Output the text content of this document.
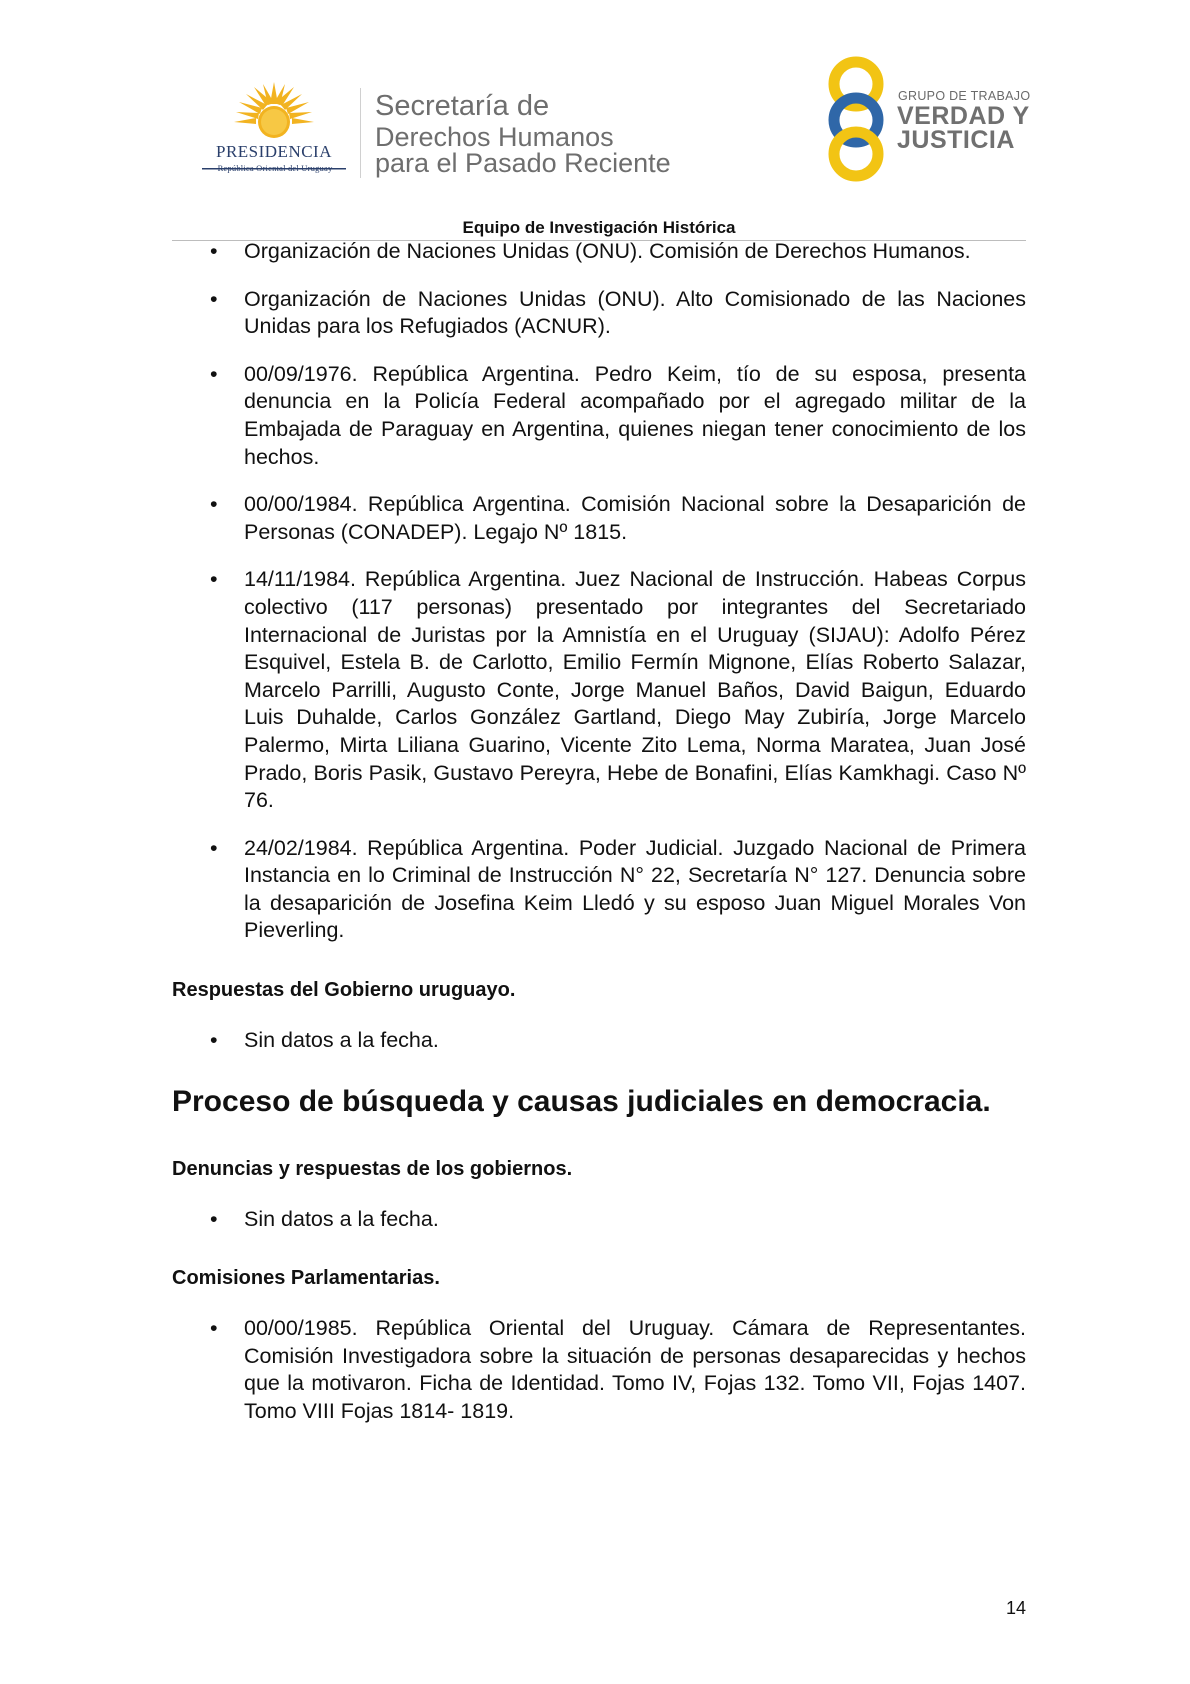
PRESIDENCIA
República Oriental del Uruguay
Secretaría de
Derechos Humanos
para el Pasado Reciente
GRUPO DE TRABAJO
VERDAD Y
JUSTICIA
Equipo de Investigación Histórica
• Organización de Naciones Unidas (ONU). Comisión de Derechos Humanos.
• Organización de Naciones Unidas (ONU). Alto Comisionado de las Naciones Unidas para los Refugiados (ACNUR).
• 00/09/1976. República Argentina. Pedro Keim, tío de su esposa, presenta denuncia en la Policía Federal acompañado por el agregado militar de la Embajada de Paraguay en Argentina, quienes niegan tener conocimiento de los hechos.
• 00/00/1984. República Argentina. Comisión Nacional sobre la Desaparición de Personas (CONADEP). Legajo Nº 1815.
• 14/11/1984. República Argentina. Juez Nacional de Instrucción. Habeas Corpus colectivo (117 personas) presentado por integrantes del Secretariado Internacional de Juristas por la Amnistía en el Uruguay (SIJAU): Adolfo Pérez Esquivel, Estela B. de Carlotto, Emilio Fermín Mignone, Elías Roberto Salazar, Marcelo Parrilli, Augusto Conte, Jorge Manuel Baños, David Baigun, Eduardo Luis Duhalde, Carlos González Gartland, Diego May Zubiría, Jorge Marcelo Palermo, Mirta Liliana Guarino, Vicente Zito Lema, Norma Maratea, Juan José Prado, Boris Pasik, Gustavo Pereyra, Hebe de Bonafini, Elías Kamkhagi. Caso Nº 76.
• 24/02/1984. República Argentina. Poder Judicial. Juzgado Nacional de Primera Instancia en lo Criminal de Instrucción N° 22, Secretaría N° 127. Denuncia sobre la desaparición de Josefina Keim Lledó y su esposo Juan Miguel Morales Von Pieverling.
Respuestas del Gobierno uruguayo.
• Sin datos a la fecha.
Proceso de búsqueda y causas judiciales en democracia.
Denuncias y respuestas de los gobiernos.
• Sin datos a la fecha.
Comisiones Parlamentarias.
• 00/00/1985. República Oriental del Uruguay. Cámara de Representantes. Comisión Investigadora sobre la situación de personas desaparecidas y hechos que la motivaron. Ficha de Identidad. Tomo IV, Fojas 132. Tomo VII, Fojas 1407. Tomo VIII Fojas 1814- 1819.
14
